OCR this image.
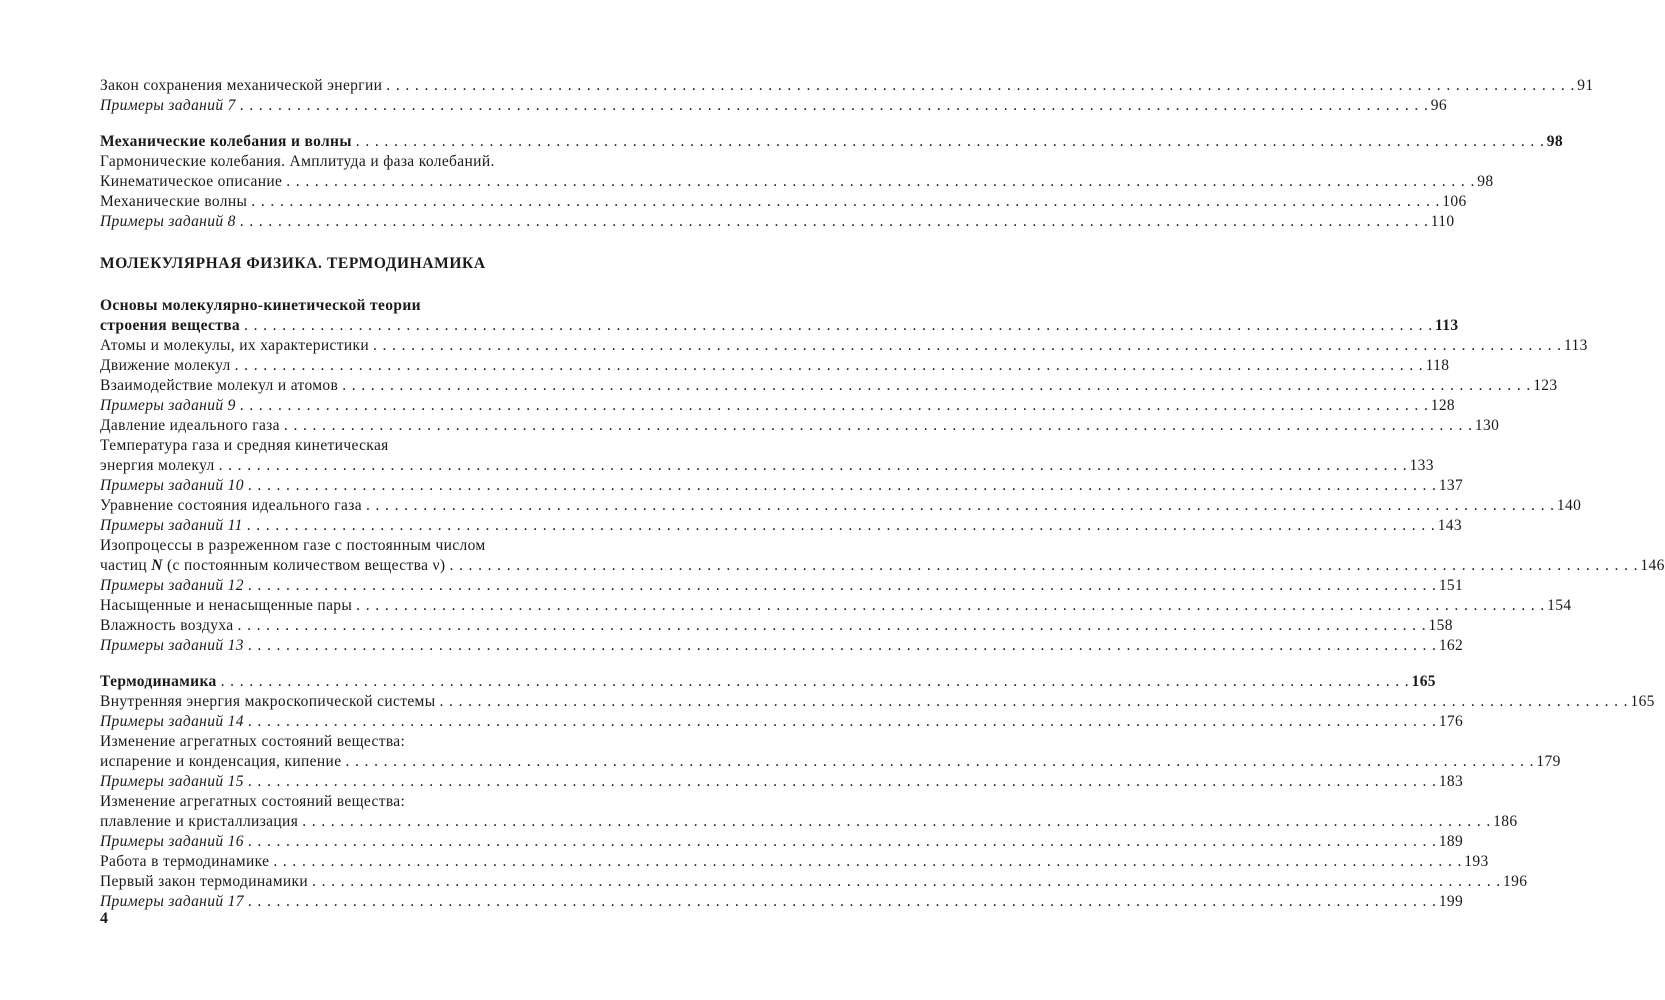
Закон сохранения механической энергии . . .	91
Примеры заданий 7 . . .	96
Механические колебания и волны . . .	98
Гармонические колебания. Амплитуда и фаза колебаний.
Кинематическое описание . . .	98
Механические волны . . .	106
Примеры заданий 8 . . .	110
МОЛЕКУЛЯРНАЯ ФИЗИКА. ТЕРМОДИНАМИКА
Основы молекулярно-кинетической теории
строения вещества . . .	113
Атомы и молекулы, их характеристики . . .	113
Движение молекул . . .	118
Взаимодействие молекул и атомов . . .	123
Примеры заданий 9 . . .	128
Давление идеального газа . . .	130
Температура газа и средняя кинетическая
энергия молекул . . .	133
Примеры заданий 10 . . .	137
Уравнение состояния идеального газа . . .	140
Примеры заданий 11 . . .	143
Изопроцессы в разреженном газе с постоянным числом
частиц N (с постоянным количеством вещества ν) . . .	146
Примеры заданий 12 . . .	151
Насыщенные и ненасыщенные пары . . .	154
Влажность воздуха . . .	158
Примеры заданий 13 . . .	162
Термодинамика . . .	165
Внутренняя энергия макроскопической системы . . .	165
Примеры заданий 14 . . .	176
Изменение агрегатных состояний вещества:
испарение и конденсация, кипение . . .	179
Примеры заданий 15 . . .	183
Изменение агрегатных состояний вещества:
плавление и кристаллизация . . .	186
Примеры заданий 16 . . .	189
Работа в термодинамике . . .	193
Первый закон термодинамики . . .	196
Примеры заданий 17 . . .	199
4
